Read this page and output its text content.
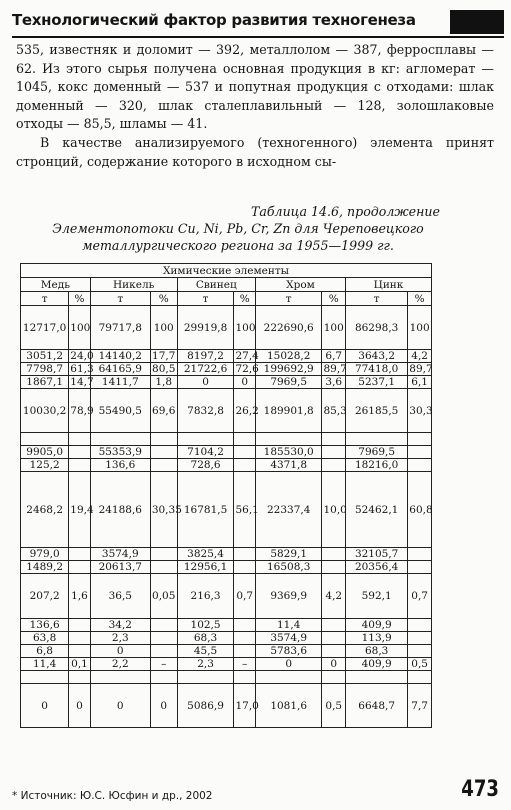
Технологический фактор развития техногенеза

535, известняк и доломит — 392, металлолом — 387, ферросплавы — 62. Из этого сырья получена основная продукция в кг: агломерат — 1045, кокс доменный — 537 и попутная продукция с отходами: шлак доменный — 320, шлак сталеплавильный — 128, золошлаковые отходы — 85,5, шламы — 41.

В качестве анализируемого (техногенного) элемента принят стронций, содержание которого в исходном сы-

Таблица 14.6, продолжение
Элементопотоки Cu, Ni, Pb, Cr, Zn для Череповецкого металлургического региона за 1955—1999 гг.
Химические элементы									
Медь		Никель		Свинец		Хром		Цинк	
т	%	т	%	т	%	т	%	т	%
12717,0	100	79717,8	100	29919,8	100	222690,6	100	86298,3	100
3051,2	24,0	14140,2	17,7	8197,2	27,4	15028,2	6,7	3643,2	4,2
7798,7	61,3	64165,9	80,5	21722,6	72,6	199692,9	89,7	77418,0	89,7
1867,1	14,7	1411,7	1,8	0	0	7969,5	3,6	5237,1	6,1
10030,2	78,9	55490,5	69,6	7832,8	26,2	189901,8	85,3	26185,5	30,3

9905,0		55353,9		7104,2		185530,0		7969,5	
125,2		136,6		728,6		4371,8		18216,0	
2468,2	19,4	24188,6	30,35	16781,5	56,1	22337,4	10,0	52462,1	60,8
979,0		3574,9		3825,4		5829,1		32105,7	
1489,2		20613,7		12956,1		16508,3		20356,4	
207,2	1,6	36,5	0,05	216,3	0,7	9369,9	4,2	592,1	0,7
136,6		34,2		102,5		11,4		409,9	
63,8		2,3		68,3		3574,9		113,9	
6,8		0		45,5		5783,6		68,3	
11,4	0,1	2,2	–	2,3	–	0	0	409,9	0,5

0	0	0	0	5086,9	17,0	1081,6	0,5	6648,7	7,7
* Источник: Ю.С. Юсфин и др., 2002	473
